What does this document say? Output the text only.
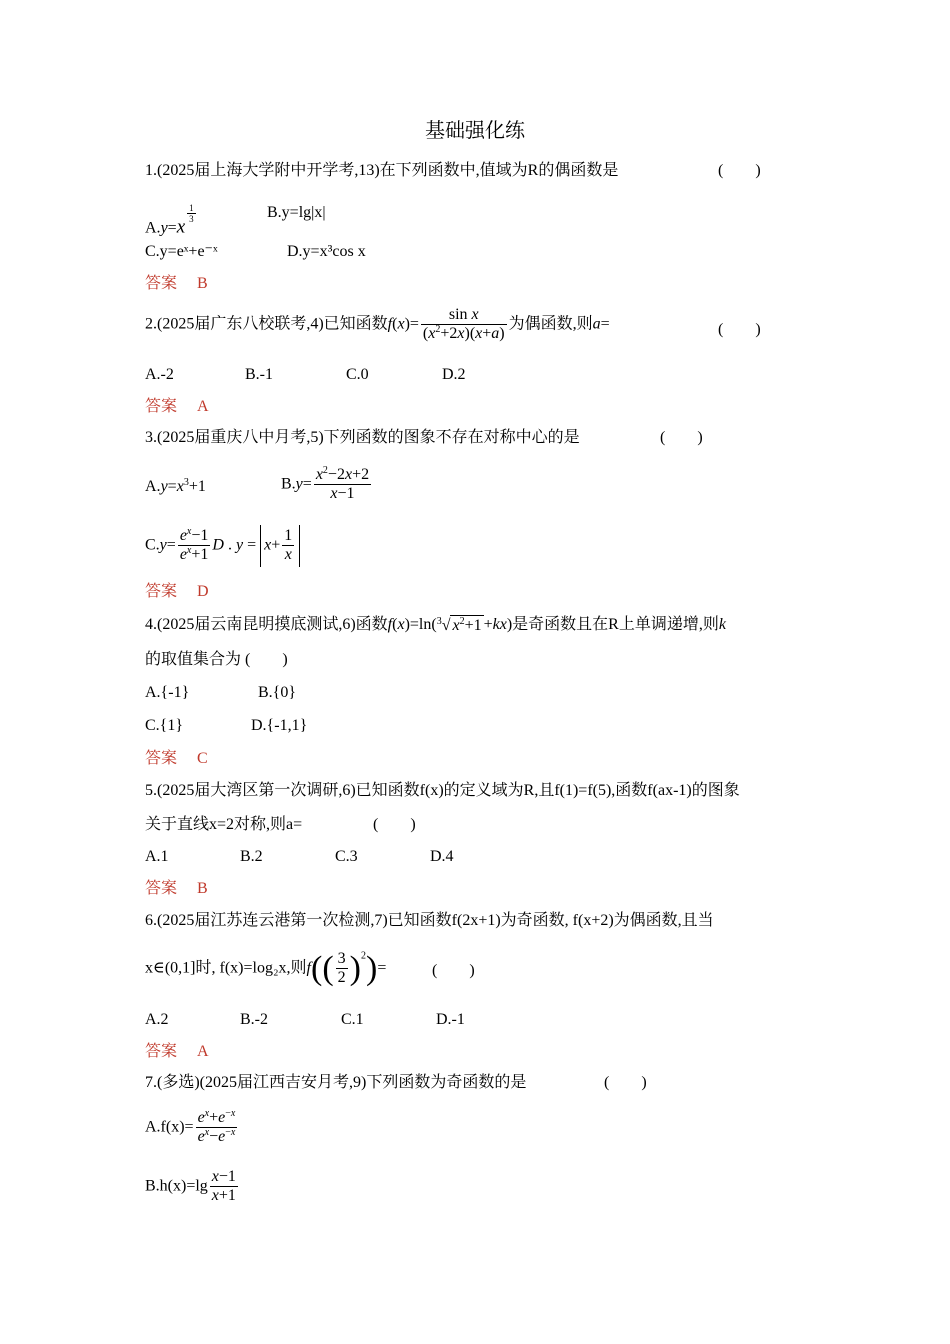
基础强化练
1.(2025届上海大学附中开学考,13)在下列函数中,值域为R的偶函数是	(　　)
A.y=x
$\frac{1}{3}$	B.y=lg|x|
C.y=eˣ+e⁻ˣ	D.y=x³cos x
答案 B
2.(2025届广东八校联考,4)已知函数$f(x)= \frac{\text{sin x}}{(x^2+2x)(x+a)}$ 为偶函数,则a=	(　　)
A.-2	B.-1	C.0	D.2
答案 A
3.(2025届重庆八中月考,5)下列函数的图象不存在对称中心的是	(　　)
$A.y=x^3+1$	$B.y= \frac{x^2-2x+2}{x-1}$
$C.y= \frac{e^x-1}{e^x+1}$ D . $y = x+ \frac{1}{x}$
答案 D
4.(2025届云南昆明摸底测试,6)函数f(x)=ln($^3$√ $x^2+1 +kx$)是奇函数且在R上单调递增,则k
的取值集合为 (　　)
A.{-1}	B.{0}
C.{1}	D.{-1,1}
答案 C
5.(2025届大湾区第一次调研,6)已知函数f(x)的定义域为R,且f(1)=f(5),函数f(ax-1)的图象
关于直线x=2对称,则a=	(　　)
A.1	B.2	C.3	D.4
答案 B
6.(2025届江苏连云港第一次检测,7)已知函数f(2x+1)为奇函数, f(x+2)为偶函数,且当
x∈(0,1]时, f(x)=log₂x,则$f(( \frac{3}{2} )^2)=$	(　　)
A.2	B.-2	C.1	D.-1
答案 A
7.(多选)(2025届江西吉安月考,9)下列函数为奇函数的是	(　　)
$A.f(x)= \frac{e^x+e^{-x}}{e^x-e^{-x}}$
$B.h(x)=\lg \frac{x-1}{x+1}$
